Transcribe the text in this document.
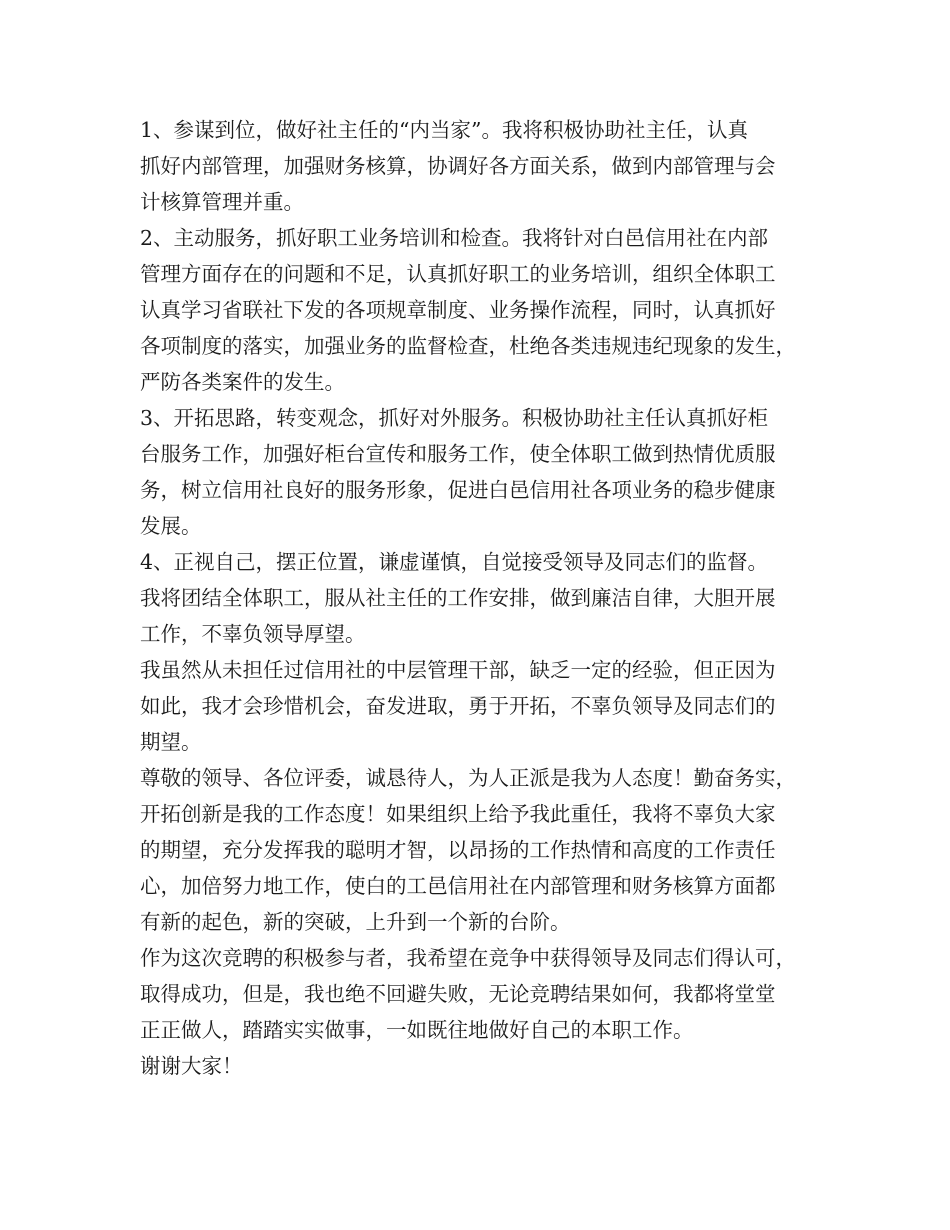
1、参谋到位，做好社主任的“内当家”。我将积极协助社主任，认真
抓好内部管理，加强财务核算，协调好各方面关系，做到内部管理与会
计核算管理并重。

2、主动服务，抓好职工业务培训和检查。我将针对白邑信用社在内部
管理方面存在的问题和不足，认真抓好职工的业务培训，组织全体职工
认真学习省联社下发的各项规章制度、业务操作流程，同时，认真抓好
各项制度的落实，加强业务的监督检查，杜绝各类违规违纪现象的发生，
严防各类案件的发生。

3、开拓思路，转变观念，抓好对外服务。积极协助社主任认真抓好柜
台服务工作，加强好柜台宣传和服务工作，使全体职工做到热情优质服
务，树立信用社良好的服务形象，促进白邑信用社各项业务的稳步健康
发展。

4、正视自己，摆正位置，谦虚谨慎，自觉接受领导及同志们的监督。
我将团结全体职工，服从社主任的工作安排，做到廉洁自律，大胆开展
工作，不辜负领导厚望。

我虽然从未担任过信用社的中层管理干部，缺乏一定的经验，但正因为
如此，我才会珍惜机会，奋发进取，勇于开拓，不辜负领导及同志们的
期望。

尊敬的领导、各位评委，诚恳待人，为人正派是我为人态度！勤奋务实，
开拓创新是我的工作态度！如果组织上给予我此重任，我将不辜负大家
的期望，充分发挥我的聪明才智，以昂扬的工作热情和高度的工作责任
心，加倍努力地工作，使白的工邑信用社在内部管理和财务核算方面都
有新的起色，新的突破，上升到一个新的台阶。

作为这次竞聘的积极参与者，我希望在竞争中获得领导及同志们得认可，
取得成功，但是，我也绝不回避失败，无论竞聘结果如何，我都将堂堂
正正做人，踏踏实实做事，一如既往地做好自己的本职工作。

谢谢大家！
